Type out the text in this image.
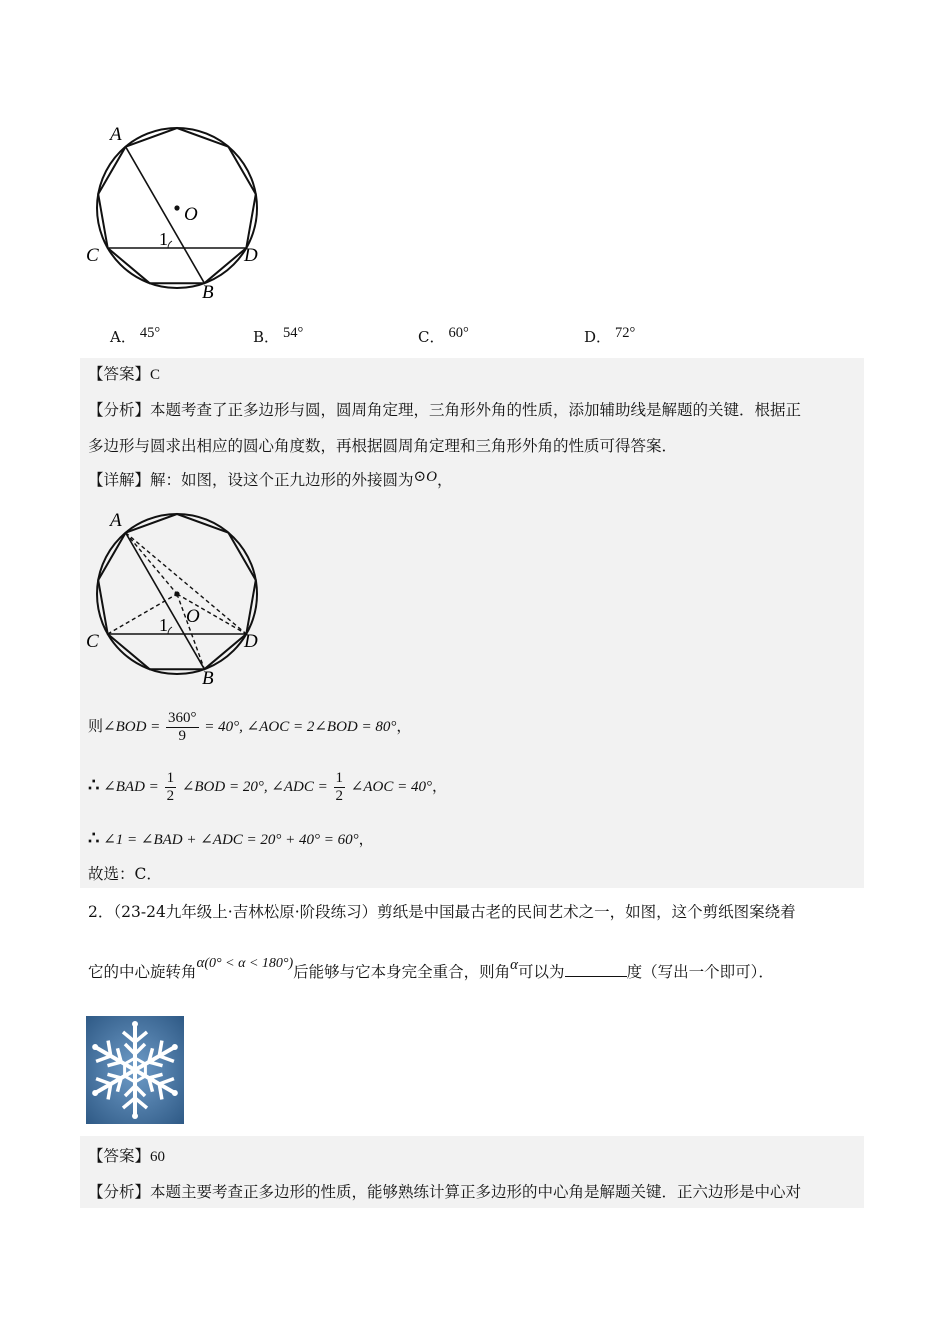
A
O
1
C	D
B
A． 45°	B． 54°	C． 60°	D． 72°
【答案】C
【分析】本题考查了正多边形与圆，圆周角定理，三角形外角的性质，添加辅助线是解题的关键．根据正
多边形与圆求出相应的圆心角度数，再根据圆周角定理和三角形外角的性质可得答案．
【详解】解：如图，设这个正九边形的外接圆为⊙O，
A
O
1
C	D
B
则∠BOD = $\frac{360^\circ}{9} = 40^\circ$, ∠AOC = 2∠BOD = 80°，
∴ ∠BAD = $\frac{1}{2}$ ∠BOD = 20°, ∠ADC = $\frac{1}{2}$ ∠AOC = 40°，
∴ ∠1 = ∠BAD + ∠ADC = 20° + 40° = 60°，
故选：C．
2．（23-24九年级上·吉林松原·阶段练习）剪纸是中国最古老的民间艺术之一，如图，这个剪纸图案绕着
它的中心旋转角α(0° < α < 180°)后能够与它本身完全重合，则角α可以为	度（写出一个即可）．
【答案】60
【分析】本题主要考查正多边形的性质，能够熟练计算正多边形的中心角是解题关键．正六边形是中心对
